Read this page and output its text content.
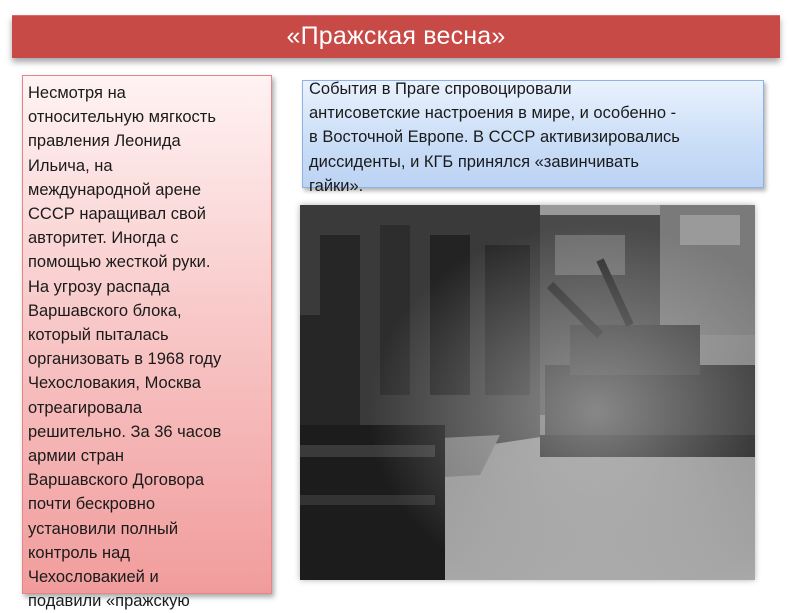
«Пражская весна»
Несмотря на
относительную мягкость
правления Леонида
Ильича, на
международной арене
СССР наращивал свой
авторитет. Иногда с
помощью жесткой руки.
На угрозу распада
Варшавского блока,
который пыталась
организовать в 1968 году
Чехословакия, Москва
отреагировала
решительно. За 36 часов
армии стран
Варшавского Договора
почти бескровно
установили полный
контроль над
Чехословакией и
подавили «пражскую
События в Праге спровоцировали
антисоветские настроения в мире, и особенно -
в Восточной Европе. В СССР активизировались
диссиденты, и КГБ принялся «завинчивать
гайки».
